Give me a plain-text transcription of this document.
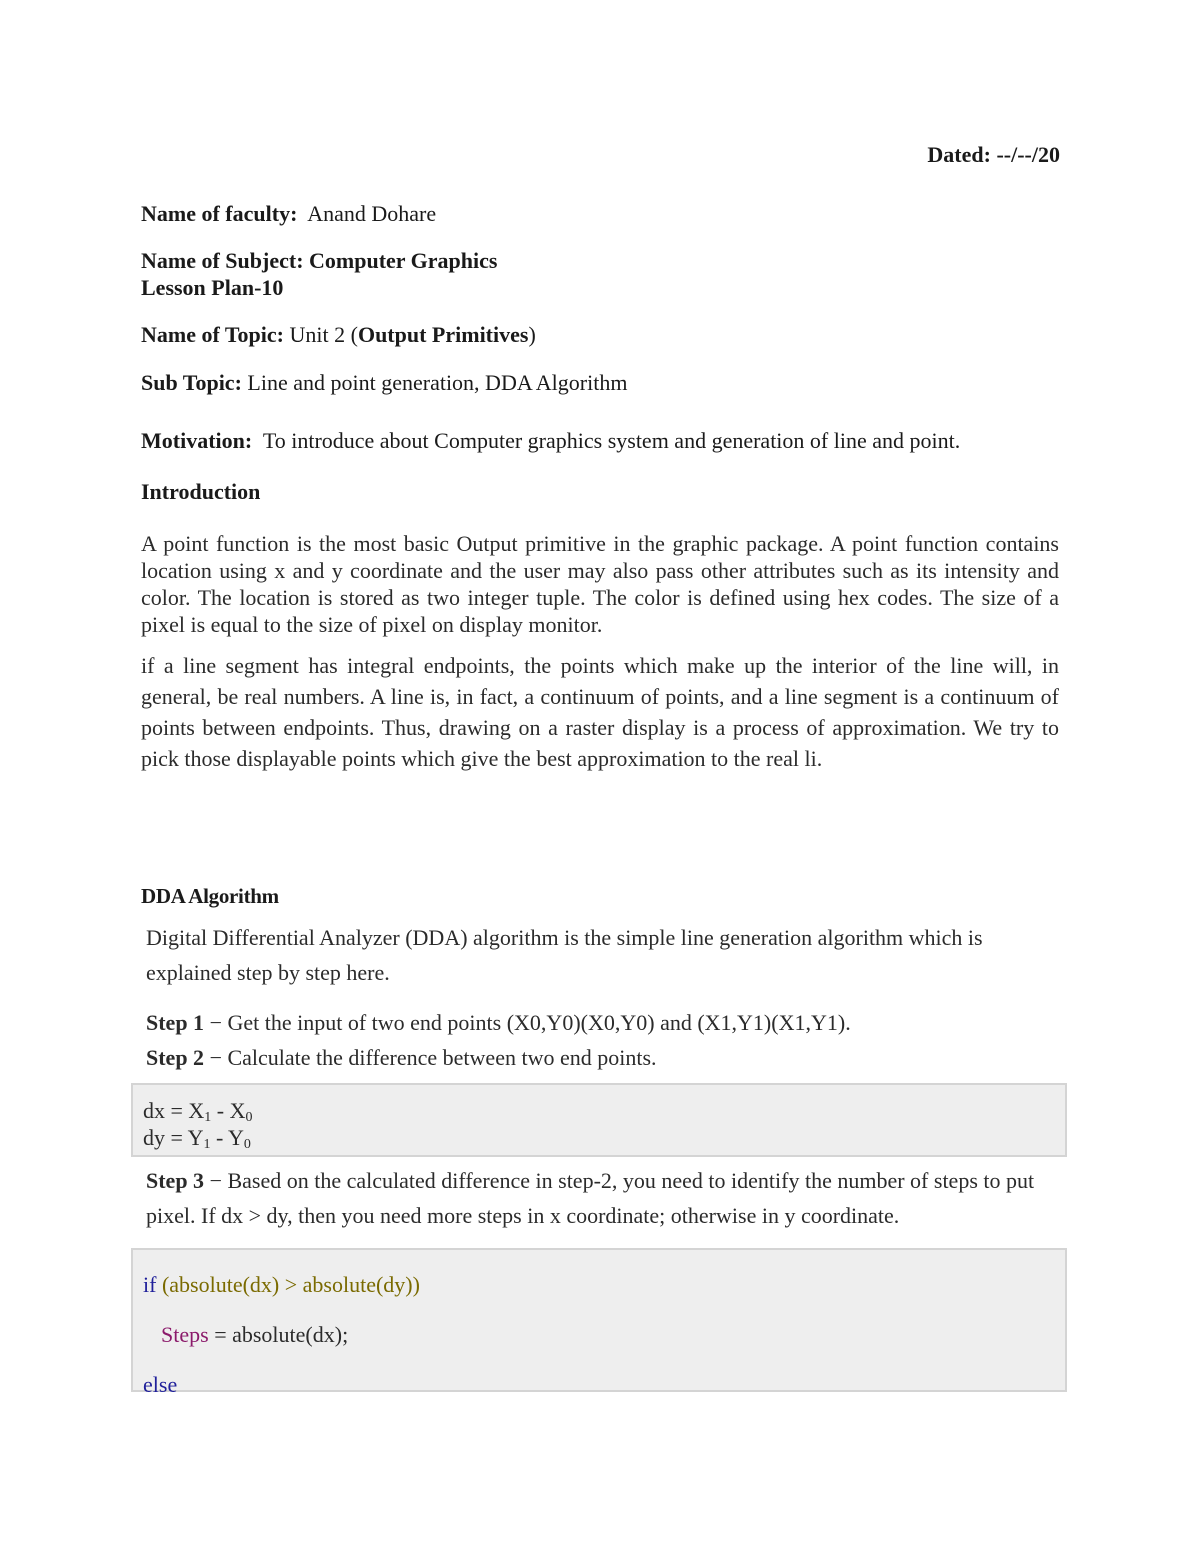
Dated: --/--/20
Name of faculty: Anand Dohare
Name of Subject: Computer Graphics
Lesson Plan-10
Name of Topic: Unit 2 (Output Primitives)
Sub Topic: Line and point generation, DDA Algorithm
Motivation: To introduce about Computer graphics system and generation of line and point.
Introduction
A point function is the most basic Output primitive in the graphic package. A point function contains location using x and y coordinate and the user may also pass other attributes such as its intensity and color. The location is stored as two integer tuple. The color is defined using hex codes. The size of a pixel is equal to the size of pixel on display monitor.
if a line segment has integral endpoints, the points which make up the interior of the line will, in general, be real numbers. A line is, in fact, a continuum of points, and a line segment is a continuum of points between endpoints. Thus, drawing on a raster display is a process of approximation. We try to pick those displayable points which give the best approximation to the real li.
DDA Algorithm
Digital Differential Analyzer (DDA) algorithm is the simple line generation algorithm which is explained step by step here.
Step 1 − Get the input of two end points (X0,Y0)(X0,Y0) and (X1,Y1)(X1,Y1).
Step 2 − Calculate the difference between two end points.
dx = $X_1 - X_0$
dy = $Y_1 - Y_0$
Step 3 − Based on the calculated difference in step-2, you need to identify the number of steps to put pixel. If dx > dy, then you need more steps in x coordinate; otherwise in y coordinate.
if (absolute(dx) > absolute(dy))
Steps = absolute(dx);
else
